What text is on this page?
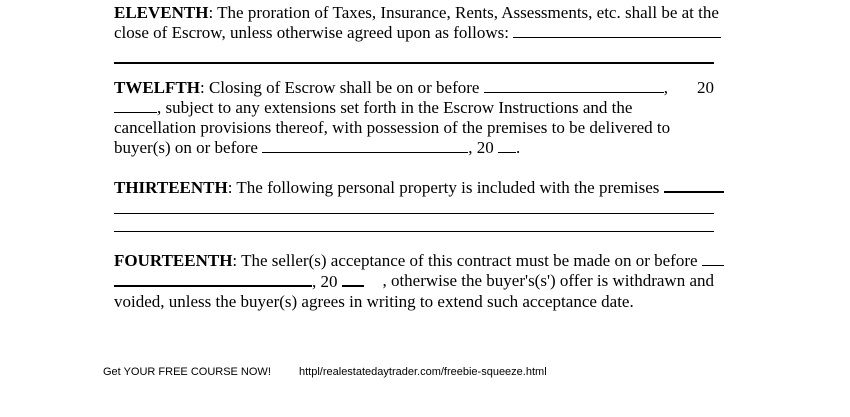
ELEVENTH: The proration of Taxes, Insurance, Rents, Assessments, etc. shall be at the
close of Escrow, unless otherwise agreed upon as follows:
TWELFTH: Closing of Escrow shall be on or before	, 20
, subject to any extensions set forth in the Escrow Instructions and the
cancellation provisions thereof, with possession of the premises to be delivered to
buyer(s) on or before	, 20 .
THIRTEENTH: The following personal property is included with the premises
FOURTEENTH: The seller(s) acceptance of this contract must be made on or before
, 20	, otherwise the buyer's(s') offer is withdrawn and
voided, unless the buyer(s) agrees in writing to extend such acceptance date.
Get YOUR FREE COURSE NOW!	httpl/realestatedaytrader.com/freebie-squeeze.html
